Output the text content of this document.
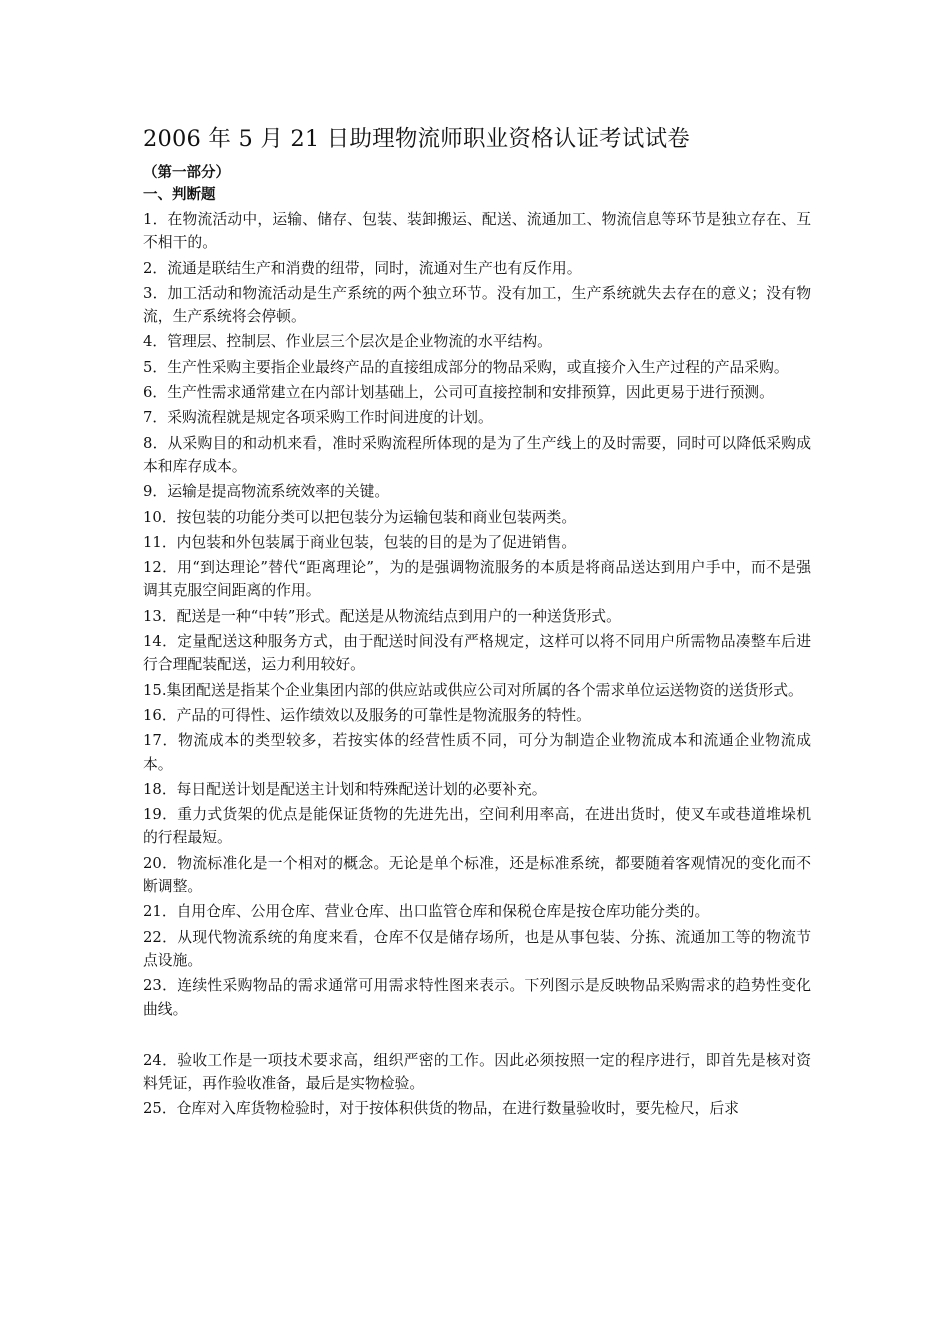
2006 年 5 月 21 日助理物流师职业资格认证考试试卷
（第一部分）
一、判断题
1．在物流活动中，运输、储存、包装、装卸搬运、配送、流通加工、物流信息等环节是独立存在、互不相干的。
2．流通是联结生产和消费的纽带，同时，流通对生产也有反作用。
3．加工活动和物流活动是生产系统的两个独立环节。没有加工，生产系统就失去存在的意义；没有物流，生产系统将会停顿。
4．管理层、控制层、作业层三个层次是企业物流的水平结构。
5．生产性采购主要指企业最终产品的直接组成部分的物品采购，或直接介入生产过程的产品采购。
6．生产性需求通常建立在内部计划基础上，公司可直接控制和安排预算，因此更易于进行预测。
7．采购流程就是规定各项采购工作时间进度的计划。
8．从采购目的和动机来看，准时采购流程所体现的是为了生产线上的及时需要，同时可以降低采购成本和库存成本。
9．运输是提高物流系统效率的关键。
10．按包装的功能分类可以把包装分为运输包装和商业包装两类。
11．内包装和外包装属于商业包装，包装的目的是为了促进销售。
12．用“到达理论”替代“距离理论”，为的是强调物流服务的本质是将商品送达到用户手中，而不是强调其克服空间距离的作用。
13．配送是一种“中转”形式。配送是从物流结点到用户的一种送货形式。
14．定量配送这种服务方式，由于配送时间没有严格规定，这样可以将不同用户所需物品凑整车后进行合理配装配送，运力利用较好。
15.集团配送是指某个企业集团内部的供应站或供应公司对所属的各个需求单位运送物资的送货形式。
16．产品的可得性、运作绩效以及服务的可靠性是物流服务的特性。
17．物流成本的类型较多，若按实体的经营性质不同，可分为制造企业物流成本和流通企业物流成本。
18．每日配送计划是配送主计划和特殊配送计划的必要补充。
19．重力式货架的优点是能保证货物的先进先出，空间利用率高，在进出货时，使叉车或巷道堆垛机的行程最短。
20．物流标准化是一个相对的概念。无论是单个标准，还是标准系统，都要随着客观情况的变化而不断调整。
21．自用仓库、公用仓库、营业仓库、出口监管仓库和保税仓库是按仓库功能分类的。
22．从现代物流系统的角度来看，仓库不仅是储存场所，也是从事包装、分拣、流通加工等的物流节点设施。
23．连续性采购物品的需求通常可用需求特性图来表示。下列图示是反映物品采购需求的趋势性变化曲线。
24．验收工作是一项技术要求高，组织严密的工作。因此必须按照一定的程序进行，即首先是核对资料凭证，再作验收准备，最后是实物检验。
25．仓库对入库货物检验时，对于按体积供货的物品，在进行数量验收时，要先检尺，后求
